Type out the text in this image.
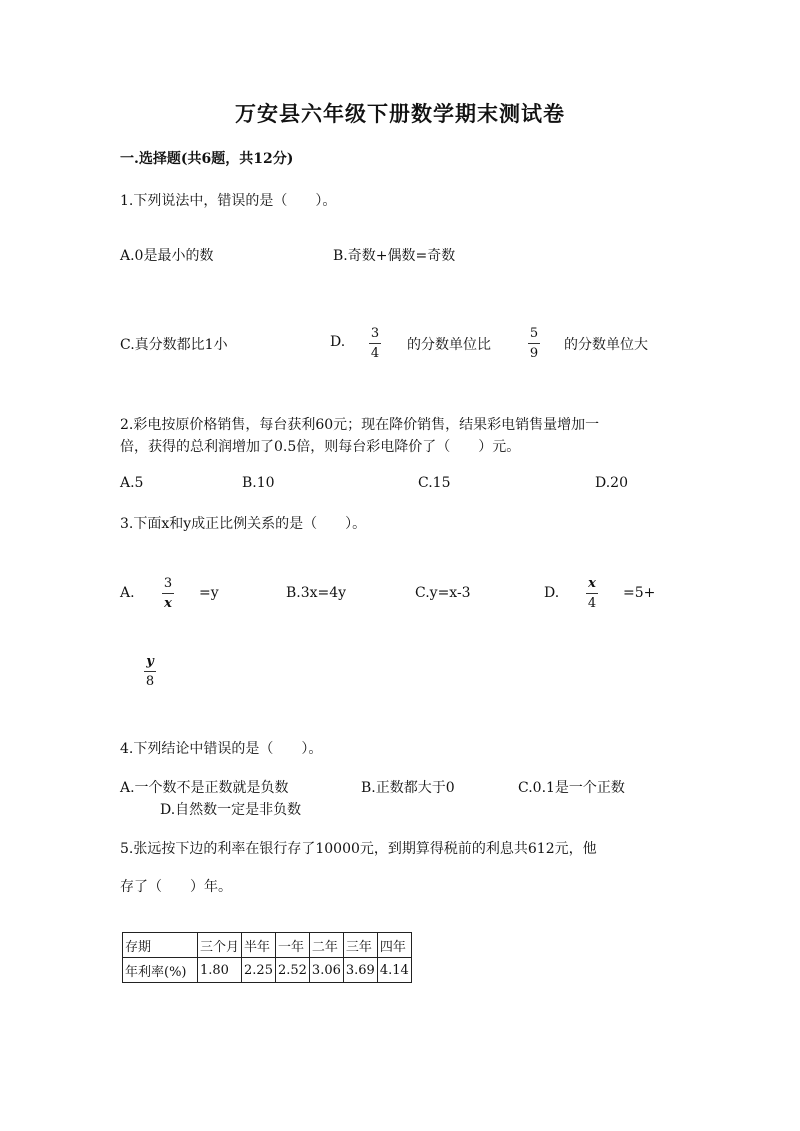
万安县六年级下册数学期末测试卷
一.选择题(共6题，共12分)
1.下列说法中，错误的是（　　）。
A.0是最小的数	B.奇数+偶数=奇数
C.真分数都比1小	D.
3
4
的分数单位比
5
9
的分数单位大
2.彩电按原价格销售，每台获利60元；现在降价销售，结果彩电销售量增加一
倍，获得的总利润增加了0.5倍，则每台彩电降价了（　　）元。
A.5	B.10	C.15	D.20
3.下面x和y成正比例关系的是（　　）。
A.
3
x
=y	B.3x=4y	C.y=x-3	D.
x
4
=5+
y
8
4.下列结论中错误的是（　　）。
A.一个数不是正数就是负数	B.正数都大于0	C.0.1是一个正数
D.自然数一定是非负数
5.张远按下边的利率在银行存了10000元，到期算得税前的利息共612元，他
存了（　　）年。
存期	三个月	半年	一年	二年	三年	四年
年利率(%)	1.80	2.25	2.52	3.06	3.69	4.14
